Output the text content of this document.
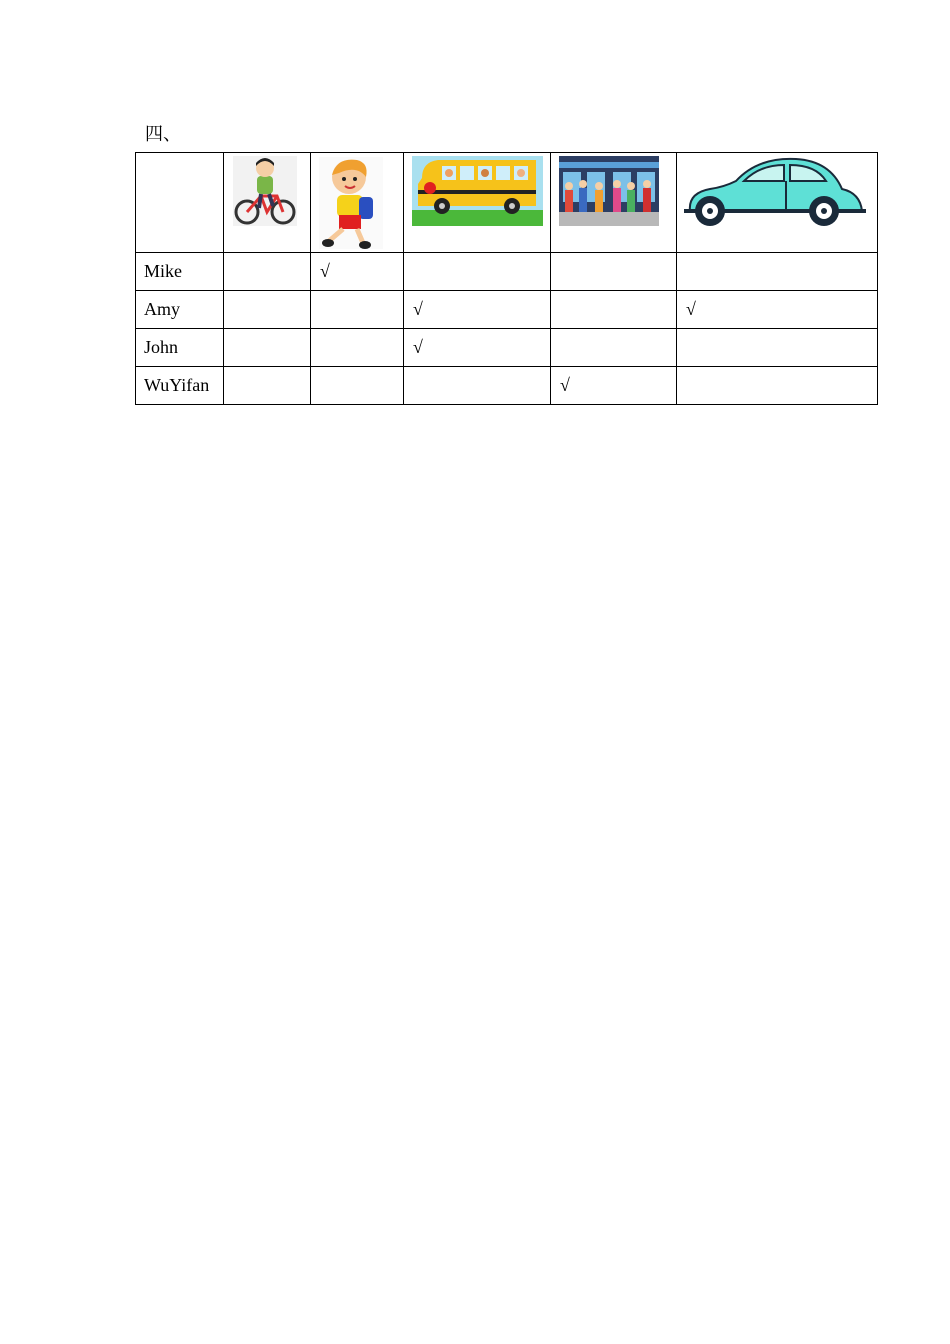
四、

Mike		√			
Amy			√		√
John			√		
WuYifan				√	
